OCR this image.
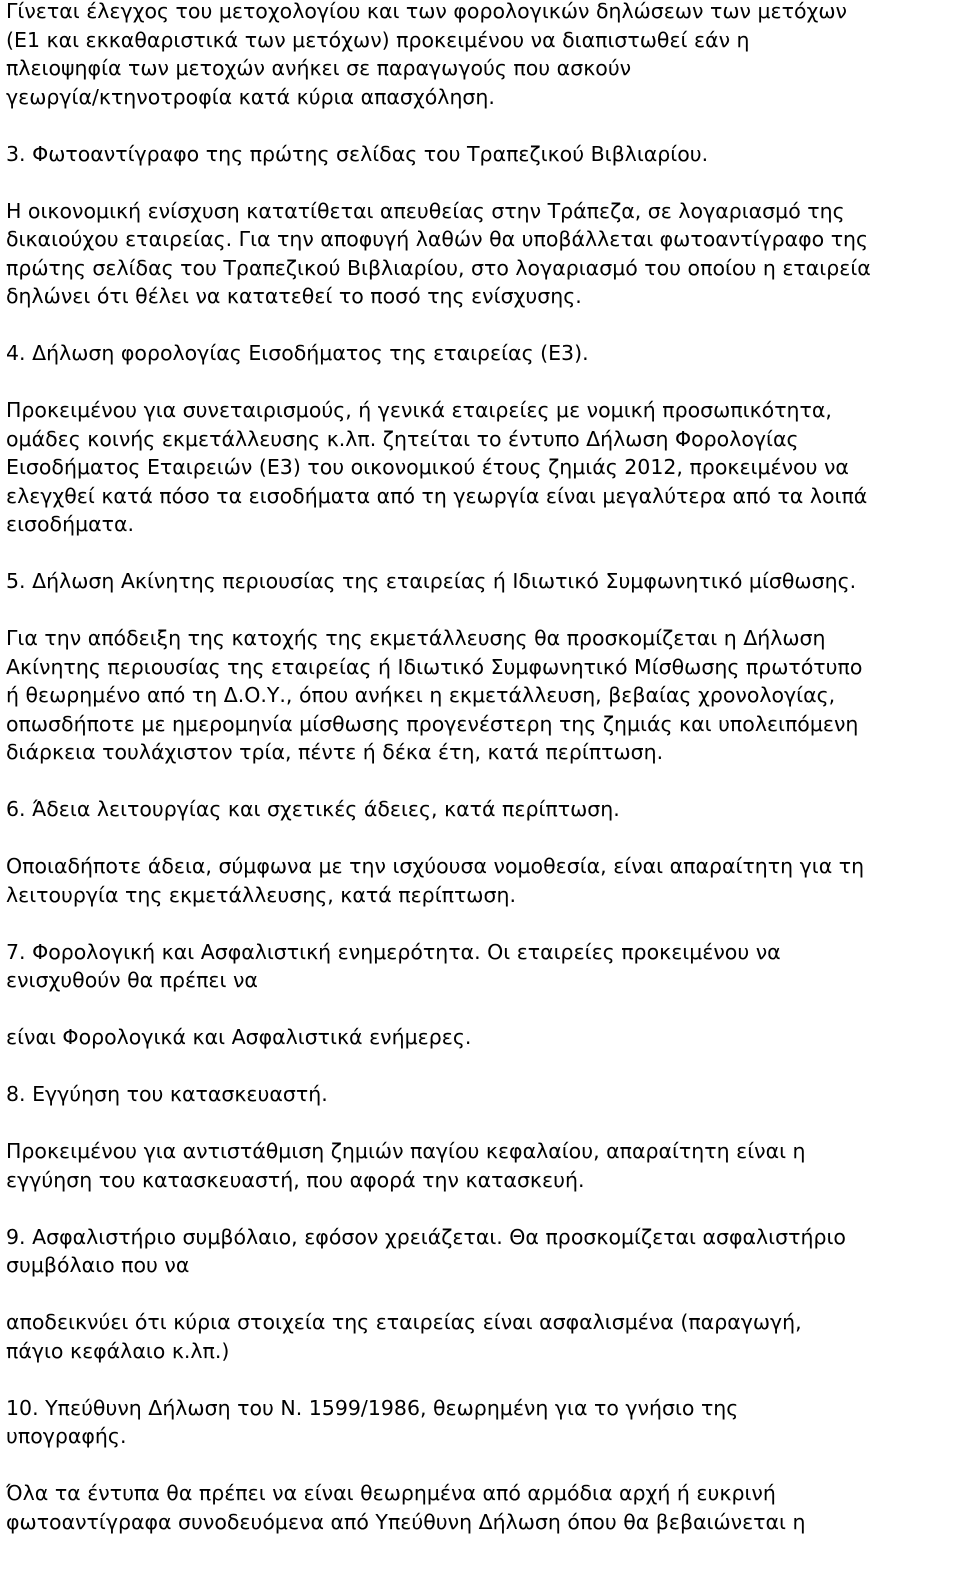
Γίνεται έλεγχος του μετοχολογίου και των φορολογικών δηλώσεων των μετόχων
(Ε1 και εκκαθαριστικά των μετόχων) προκειμένου να διαπιστωθεί εάν η
πλειοψηφία των μετοχών ανήκει σε παραγωγούς που ασκούν
γεωργία/κτηνοτροφία κατά κύρια απασχόληση.
3. Φωτοαντίγραφο της πρώτης σελίδας του Τραπεζικού Βιβλιαρίου.
Η οικονομική ενίσχυση κατατίθεται απευθείας στην Τράπεζα, σε λογαριασμό της
δικαιούχου εταιρείας. Για την αποφυγή λαθών θα υποβάλλεται φωτοαντίγραφο της
πρώτης σελίδας του Τραπεζικού Βιβλιαρίου, στο λογαριασμό του οποίου η εταιρεία
δηλώνει ότι θέλει να κατατεθεί το ποσό της ενίσχυσης.
4. Δήλωση φορολογίας Εισοδήματος της εταιρείας (Ε3).
Προκειμένου για συνεταιρισμούς, ή γενικά εταιρείες με νομική προσωπικότητα,
ομάδες κοινής εκμετάλλευσης κ.λπ. ζητείται το έντυπο Δήλωση Φορολογίας
Εισοδήματος Εταιρειών (Ε3) του οικονομικού έτους ζημιάς 2012, προκειμένου να
ελεγχθεί κατά πόσο τα εισοδήματα από τη γεωργία είναι μεγαλύτερα από τα λοιπά
εισοδήματα.
5. Δήλωση Ακίνητης περιουσίας της εταιρείας ή Ιδιωτικό Συμφωνητικό μίσθωσης.
Για την απόδειξη της κατοχής της εκμετάλλευσης θα προσκομίζεται η Δήλωση
Ακίνητης περιουσίας της εταιρείας ή Ιδιωτικό Συμφωνητικό Μίσθωσης πρωτότυπο
ή θεωρημένο από τη Δ.Ο.Υ., όπου ανήκει η εκμετάλλευση, βεβαίας χρονολογίας,
οπωσδήποτε με ημερομηνία μίσθωσης προγενέστερη της ζημιάς και υπολειπόμενη
διάρκεια τουλάχιστον τρία, πέντε ή δέκα έτη, κατά περίπτωση.
6. Άδεια λειτουργίας και σχετικές άδειες, κατά περίπτωση.
Οποιαδήποτε άδεια, σύμφωνα με την ισχύουσα νομοθεσία, είναι απαραίτητη για τη
λειτουργία της εκμετάλλευσης, κατά περίπτωση.
7. Φορολογική και Ασφαλιστική ενημερότητα. Οι εταιρείες προκειμένου να
ενισχυθούν θα πρέπει να
είναι Φορολογικά και Ασφαλιστικά ενήμερες.
8. Εγγύηση του κατασκευαστή.
Προκειμένου για αντιστάθμιση ζημιών παγίου κεφαλαίου, απαραίτητη είναι η
εγγύηση του κατασκευαστή, που αφορά την κατασκευή.
9. Ασφαλιστήριο συμβόλαιο, εφόσον χρειάζεται. Θα προσκομίζεται ασφαλιστήριο
συμβόλαιο που να
αποδεικνύει ότι κύρια στοιχεία της εταιρείας είναι ασφαλισμένα (παραγωγή,
πάγιο κεφάλαιο κ.λπ.)
10. Υπεύθυνη Δήλωση του Ν. 1599/1986, θεωρημένη για το γνήσιο της
υπογραφής.
Όλα τα έντυπα θα πρέπει να είναι θεωρημένα από αρμόδια αρχή ή ευκρινή
φωτοαντίγραφα συνοδευόμενα από Υπεύθυνη Δήλωση όπου θα βεβαιώνεται η
